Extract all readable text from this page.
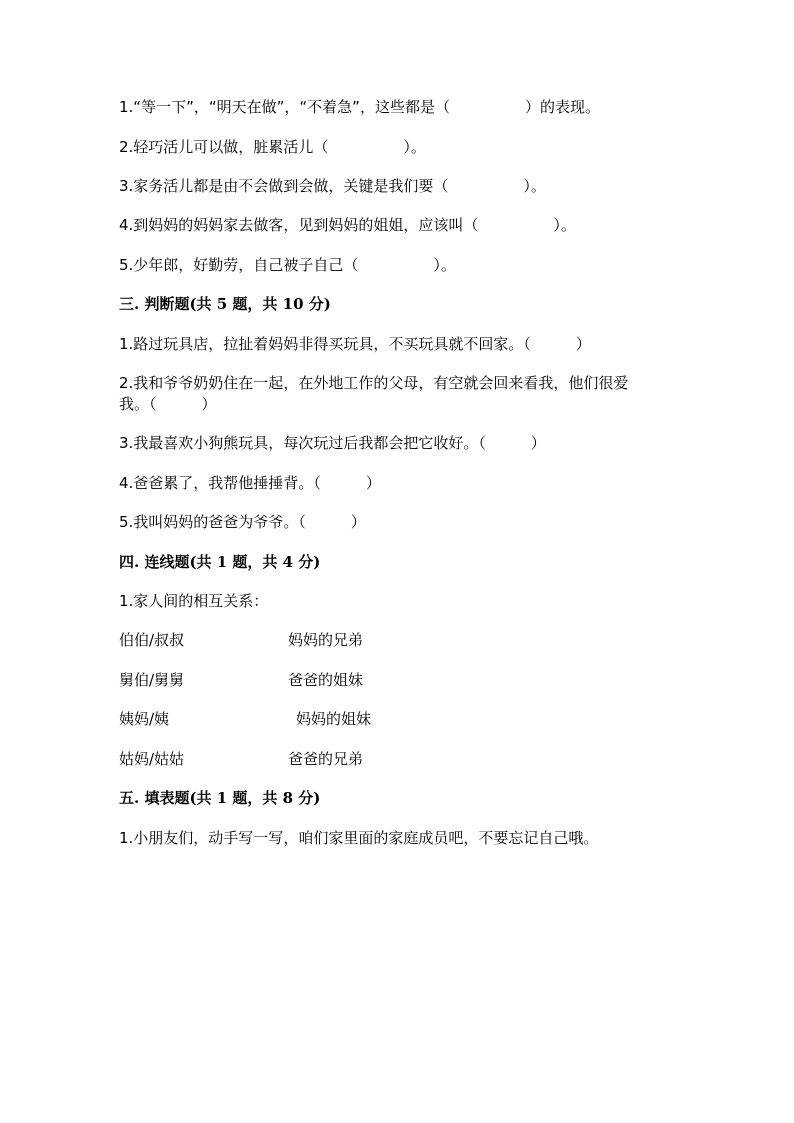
1.“等一下”，“明天在做”，“不着急”，这些都是（　　　　　）的表现。
2.轻巧活儿可以做，脏累活儿（　　　　　）。
3.家务活儿都是由不会做到会做，关键是我们要（　　　　　）。
4.到妈妈的妈妈家去做客，见到妈妈的姐姐，应该叫（　　　　　）。
5.少年郎，好勤劳，自己被子自己（　　　　　）。
三. 判断题(共 5 题，共 10 分)
1.路过玩具店，拉扯着妈妈非得买玩具，不买玩具就不回家。（　　　）
2.我和爷爷奶奶住在一起，在外地工作的父母，有空就会回来看我，他们很爱
我。（　　　）
3.我最喜欢小狗熊玩具，每次玩过后我都会把它收好。（　　　）
4.爸爸累了，我帮他捶捶背。（　　　）
5.我叫妈妈的爸爸为爷爷。（　　　）
四. 连线题(共 1 题，共 4 分)
1.家人间的相互关系：
伯伯/叔叔	妈妈的兄弟
舅伯/舅舅	爸爸的姐妹
姨妈/姨	妈妈的姐妹
姑妈/姑姑	爸爸的兄弟
五. 填表题(共 1 题，共 8 分)
1.小朋友们，动手写一写，咱们家里面的家庭成员吧，不要忘记自己哦。
